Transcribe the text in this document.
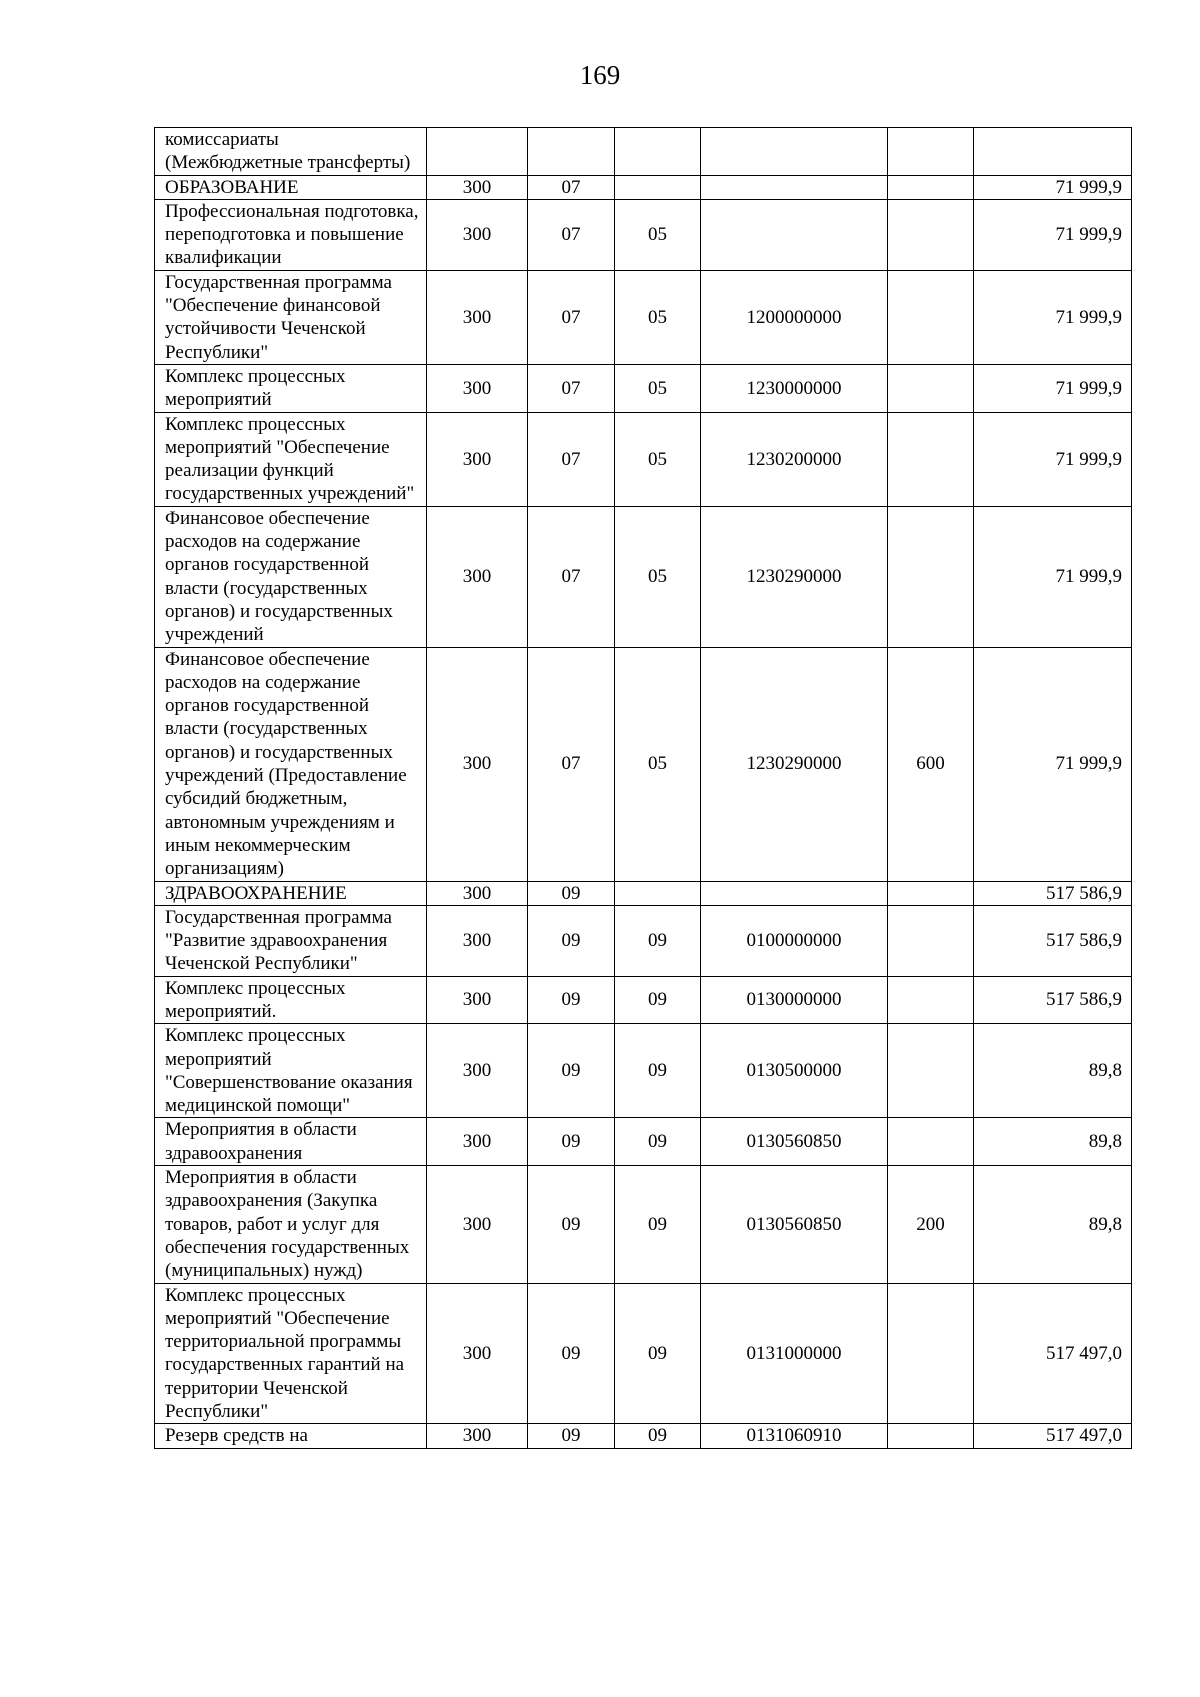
169
комиссариаты (Межбюджетные трансферты)						
ОБРАЗОВАНИЕ	300	07				71 999,9
Профессиональная подготовка, переподготовка и повышение квалификации	300	07	05			71 999,9
Государственная программа "Обеспечение финансовой устойчивости Чеченской Республики"	300	07	05	1200000000		71 999,9
Комплекс процессных мероприятий	300	07	05	1230000000		71 999,9
Комплекс процессных мероприятий "Обеспечение реализации функций государственных учреждений"	300	07	05	1230200000		71 999,9
Финансовое обеспечение расходов на содержание органов государственной власти (государственных органов) и государственных учреждений	300	07	05	1230290000		71 999,9
Финансовое обеспечение расходов на содержание органов государственной власти (государственных органов) и государственных учреждений (Предоставление субсидий бюджетным, автономным учреждениям и иным некоммерческим организациям)	300	07	05	1230290000	600	71 999,9
ЗДРАВООХРАНЕНИЕ	300	09				517 586,9
Государственная программа "Развитие здравоохранения Чеченской Республики"	300	09	09	0100000000		517 586,9
Комплекс процессных мероприятий.	300	09	09	0130000000		517 586,9
Комплекс процессных мероприятий "Совершенствование оказания медицинской помощи"	300	09	09	0130500000		89,8
Мероприятия в области здравоохранения	300	09	09	0130560850		89,8
Мероприятия в области здравоохранения (Закупка товаров, работ и услуг для обеспечения государственных (муниципальных) нужд)	300	09	09	0130560850	200	89,8
Комплекс процессных мероприятий "Обеспечение территориальной программы государственных гарантий на территории Чеченской Республики"	300	09	09	0131000000		517 497,0
Резерв средств на	300	09	09	0131060910		517 497,0
